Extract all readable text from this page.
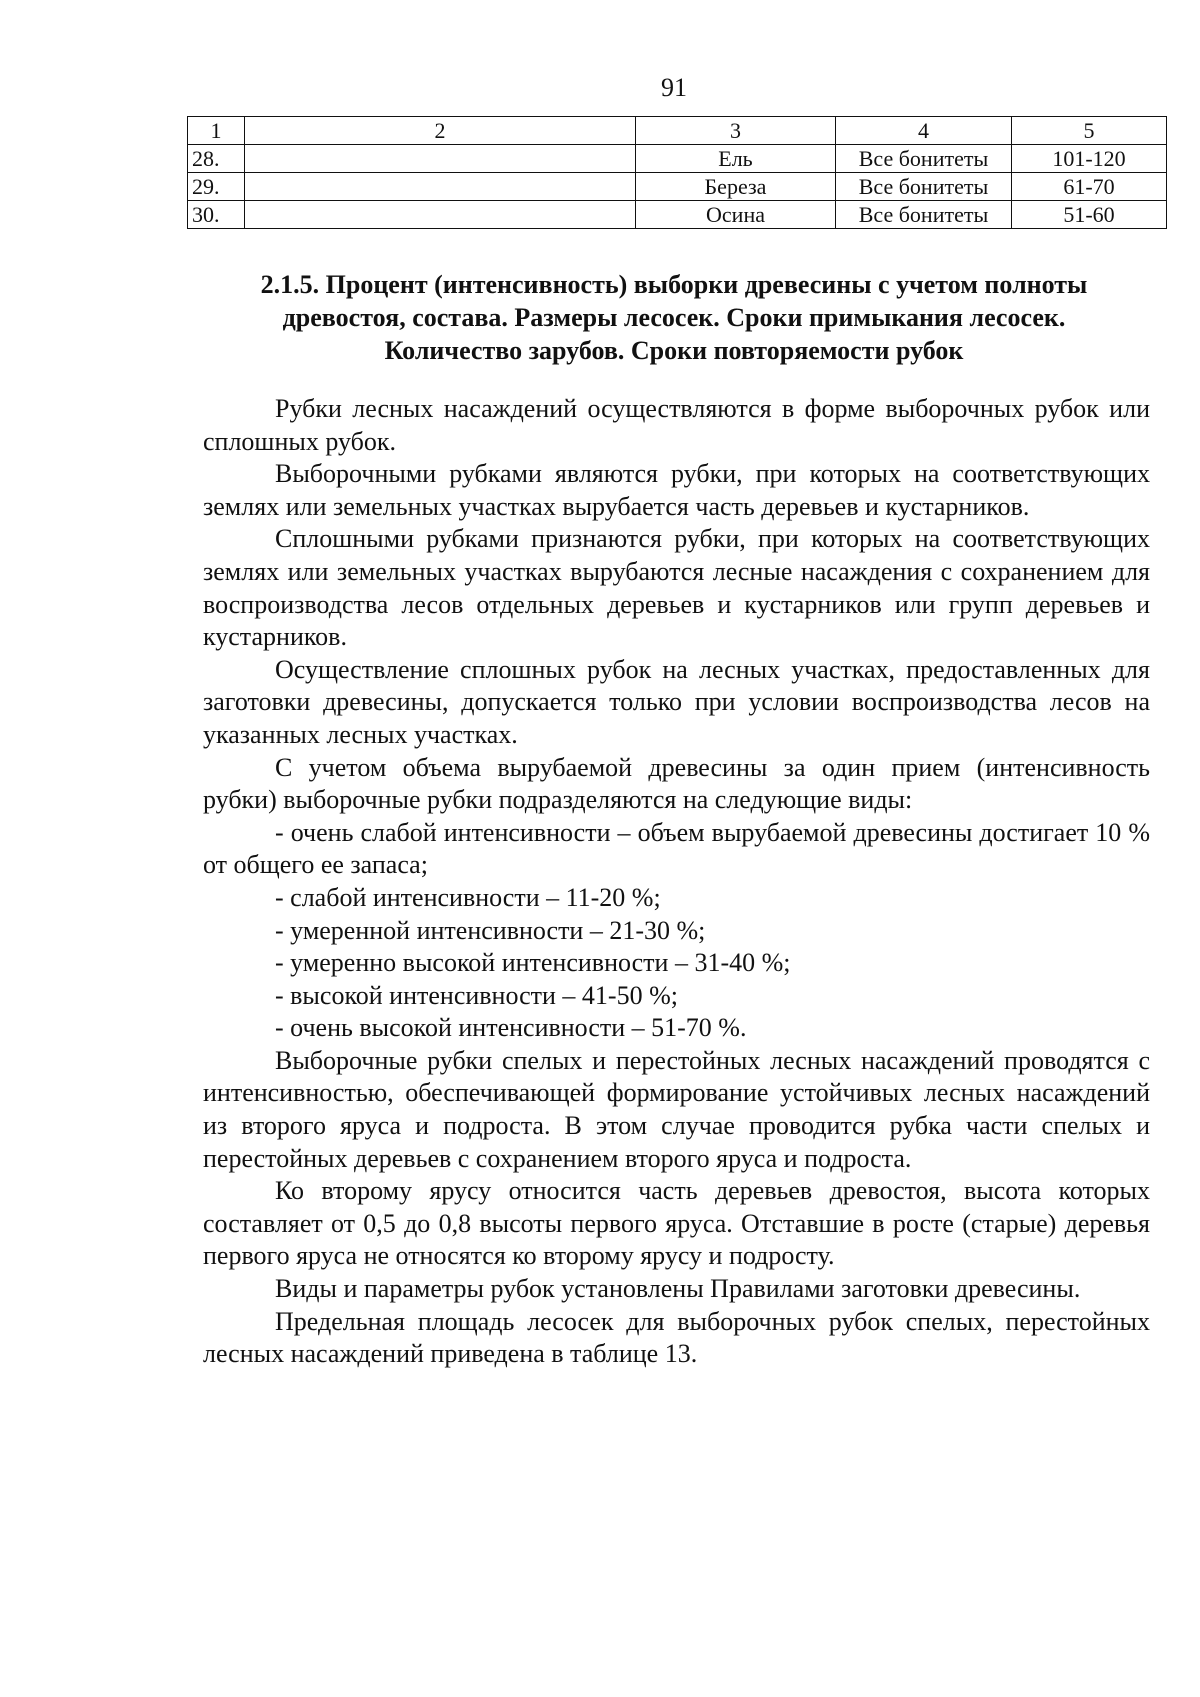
91
1	2	3	4	5
28.		Ель	Все бонитеты	101-120
29.		Береза	Все бонитеты	61-70
30.		Осина	Все бонитеты	51-60
2.1.5. Процент (интенсивность) выборки древесины с учетом полноты
древостоя, состава. Размеры лесосек. Сроки примыкания лесосек.
Количество зарубов. Сроки повторяемости рубок

Рубки лесных насаждений осуществляются в форме выборочных рубок или сплошных рубок.

Выборочными рубками являются рубки, при которых на соответствующих землях или земельных участках вырубается часть деревьев и кустарников.

Сплошными рубками признаются рубки, при которых на соответствующих землях или земельных участках вырубаются лесные насаждения с сохранением для воспроизводства лесов отдельных деревьев и кустарников или групп деревьев и кустарников.

Осуществление сплошных рубок на лесных участках, предоставленных для заготовки древесины, допускается только при условии воспроизводства лесов на указанных лесных участках.

С учетом объема вырубаемой древесины за один прием (интенсивность рубки) выборочные рубки подразделяются на следующие виды:

- очень слабой интенсивности – объем вырубаемой древесины достигает 10 % от общего ее запаса;

- слабой интенсивности – 11-20 %;

- умеренной интенсивности – 21-30 %;

- умеренно высокой интенсивности – 31-40 %;

- высокой интенсивности – 41-50 %;

- очень высокой интенсивности – 51-70 %.

Выборочные рубки спелых и перестойных лесных насаждений проводятся с интенсивностью, обеспечивающей формирование устойчивых лесных насаждений из второго яруса и подроста. В этом случае проводится рубка части спелых и перестойных деревьев с сохранением второго яруса и подроста.

Ко второму ярусу относится часть деревьев древостоя, высота которых составляет от 0,5 до 0,8 высоты первого яруса. Отставшие в росте (старые) деревья первого яруса не относятся ко второму ярусу и подросту.

Виды и параметры рубок установлены Правилами заготовки древесины.

Предельная площадь лесосек для выборочных рубок спелых, перестойных лесных насаждений приведена в таблице 13.
